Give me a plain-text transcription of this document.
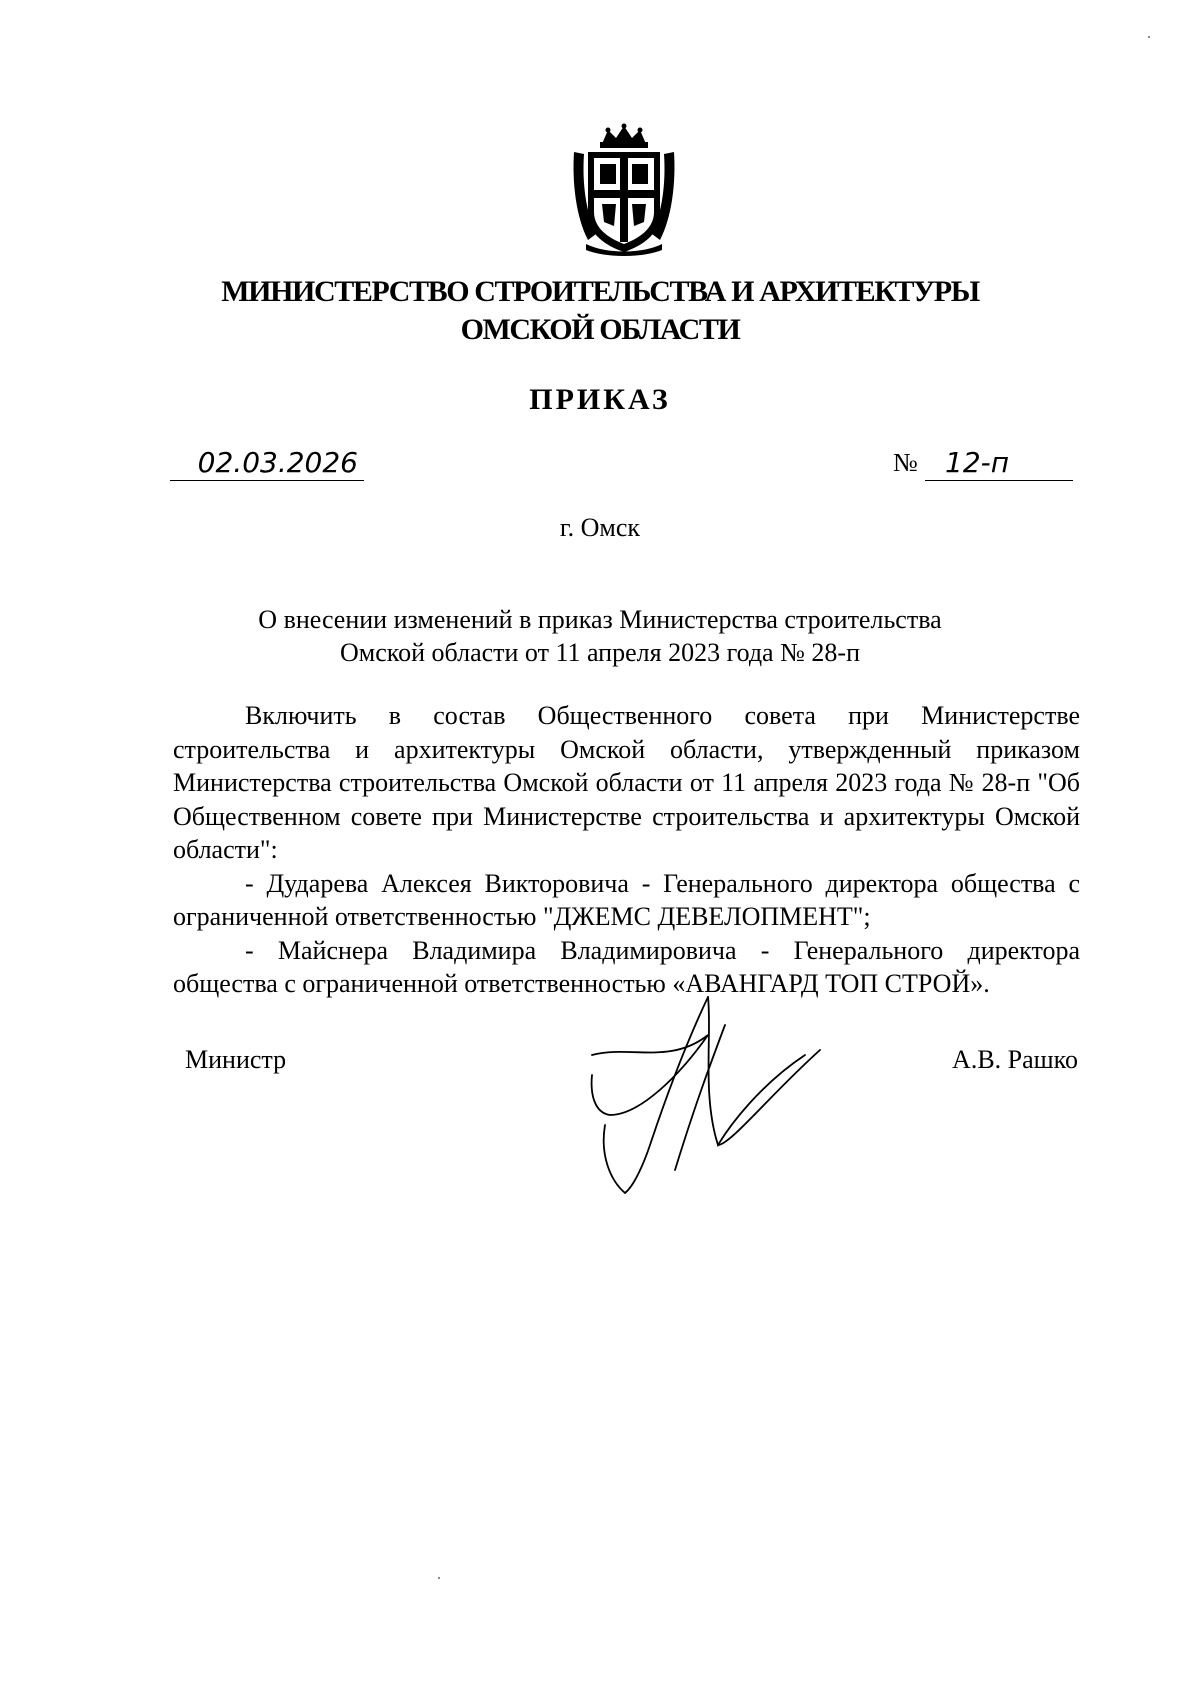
МИНИСТЕРСТВО СТРОИТЕЛЬСТВА И АРХИТЕКТУРЫ
ОМСКОЙ ОБЛАСТИ
ПРИКАЗ
02.03.2026	№ 12-п
г. Омск
О внесении изменений в приказ Министерства строительства
Омской области от 11 апреля 2023 года № 28-п

Включить в состав Общественного совета при Министерстве строительства и архитектуры Омской области, утвержденный приказом Министерства строительства Омской области от 11 апреля 2023 года № 28-п "Об Общественном совете при Министерстве строительства и архитектуры Омской области":

- Дударева Алексея Викторовича - Генерального директора общества с ограниченной ответственностью "ДЖЕМС ДЕВЕЛОПМЕНТ";

- Майснера Владимира Владимировича - Генерального директора общества с ограниченной ответственностью «АВАНГАРД ТОП СТРОЙ».

Министр	А.В. Рашко
